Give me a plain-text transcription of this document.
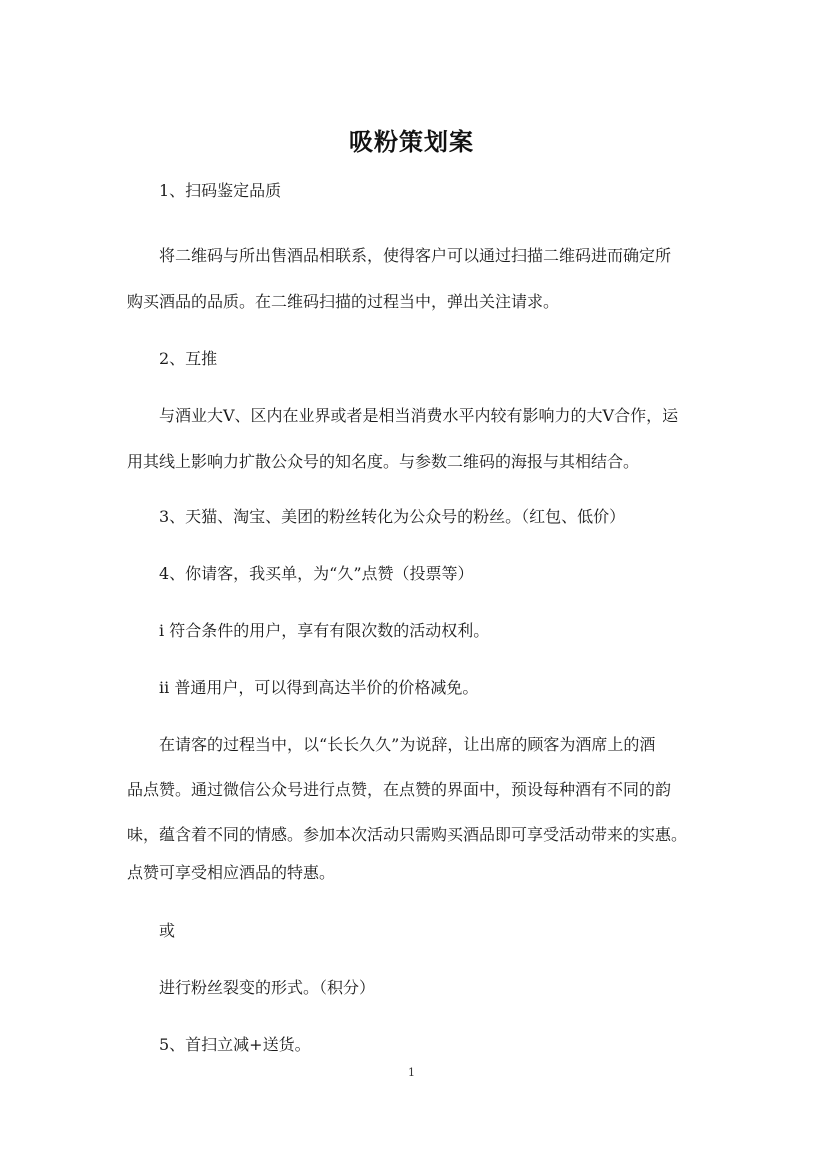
吸粉策划案
1、扫码鉴定品质
将二维码与所出售酒品相联系，使得客户可以通过扫描二维码进而确定所
购买酒品的品质。在二维码扫描的过程当中，弹出关注请求。
2、互推
与酒业大V、区内在业界或者是相当消费水平内较有影响力的大V合作，运
用其线上影响力扩散公众号的知名度。与参数二维码的海报与其相结合。
3、天猫、淘宝、美团的粉丝转化为公众号的粉丝。（红包、低价）
4、你请客，我买单，为“久”点赞（投票等）
i 符合条件的用户，享有有限次数的活动权利。
ii 普通用户，可以得到高达半价的价格减免。
在请客的过程当中，以“长长久久”为说辞，让出席的顾客为酒席上的酒
品点赞。通过微信公众号进行点赞，在点赞的界面中，预设每种酒有不同的韵
味，蕴含着不同的情感。参加本次活动只需购买酒品即可享受活动带来的实惠。
点赞可享受相应酒品的特惠。
或
进行粉丝裂变的形式。（积分）
5、首扫立减+送货。
1
